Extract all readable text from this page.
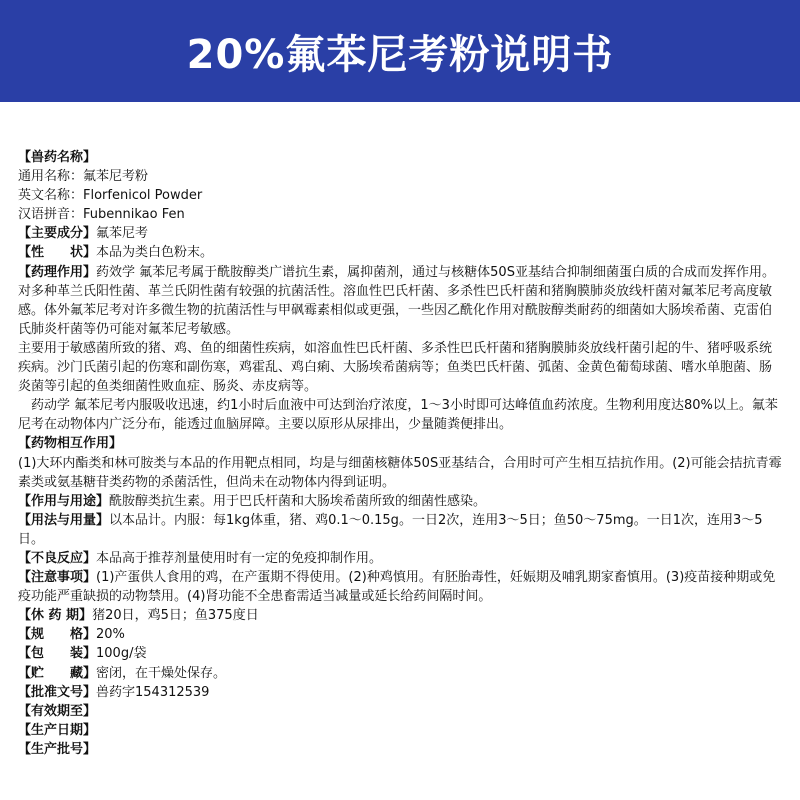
20%氟苯尼考粉说明书

【兽药名称】

通用名称：氟苯尼考粉

英文名称：Florfenicol Powder

汉语拼音：Fubennikao Fen

【主要成分】氟苯尼考

【性　　状】本品为类白色粉末。

【药理作用】药效学 氟苯尼考属于酰胺醇类广谱抗生素，属抑菌剂，通过与核糖体50S亚基结合抑制细菌蛋白质的合成而发挥作用。对多种革兰氏阳性菌、革兰氏阴性菌有较强的抗菌活性。溶血性巴氏杆菌、多杀性巴氏杆菌和猪胸膜肺炎放线杆菌对氟苯尼考高度敏感。体外氟苯尼考对许多微生物的抗菌活性与甲砜霉素相似或更强，一些因乙酰化作用对酰胺醇类耐药的细菌如大肠埃希菌、克雷伯氏肺炎杆菌等仍可能对氟苯尼考敏感。

主要用于敏感菌所致的猪、鸡、鱼的细菌性疾病，如溶血性巴氏杆菌、多杀性巴氏杆菌和猪胸膜肺炎放线杆菌引起的牛、猪呼吸系统疾病。沙门氏菌引起的伤寒和副伤寒，鸡霍乱、鸡白痢、大肠埃希菌病等；鱼类巴氏杆菌、弧菌、金黄色葡萄球菌、嗜水单胞菌、肠炎菌等引起的鱼类细菌性败血症、肠炎、赤皮病等。

药动学 氟苯尼考内服吸收迅速，约1小时后血液中可达到治疗浓度，1～3小时即可达峰值血药浓度。生物利用度达80%以上。氟苯尼考在动物体内广泛分布，能透过血脑屏障。主要以原形从尿排出，少量随粪便排出。

【药物相互作用】

(1)大环内酯类和林可胺类与本品的作用靶点相同，均是与细菌核糖体50S亚基结合，合用时可产生相互拮抗作用。(2)可能会拮抗青霉素类或氨基糖苷类药物的杀菌活性，但尚未在动物体内得到证明。

【作用与用途】酰胺醇类抗生素。用于巴氏杆菌和大肠埃希菌所致的细菌性感染。

【用法与用量】以本品计。内服：每1kg体重，猪、鸡0.1～0.15g。一日2次，连用3～5日；鱼50～75mg。一日1次，连用3～5日。

【不良反应】本品高于推荐剂量使用时有一定的免疫抑制作用。

【注意事项】(1)产蛋供人食用的鸡，在产蛋期不得使用。(2)种鸡慎用。有胚胎毒性，妊娠期及哺乳期家畜慎用。(3)疫苗接种期或免疫功能严重缺损的动物禁用。(4)肾功能不全患畜需适当减量或延长给药间隔时间。

【休 药 期】猪20日，鸡5日；鱼375度日

【规　　格】20%

【包　　装】100g/袋

【贮　　藏】密闭，在干燥处保存。

【批准文号】兽药字154312539

【有效期至】

【生产日期】

【生产批号】
